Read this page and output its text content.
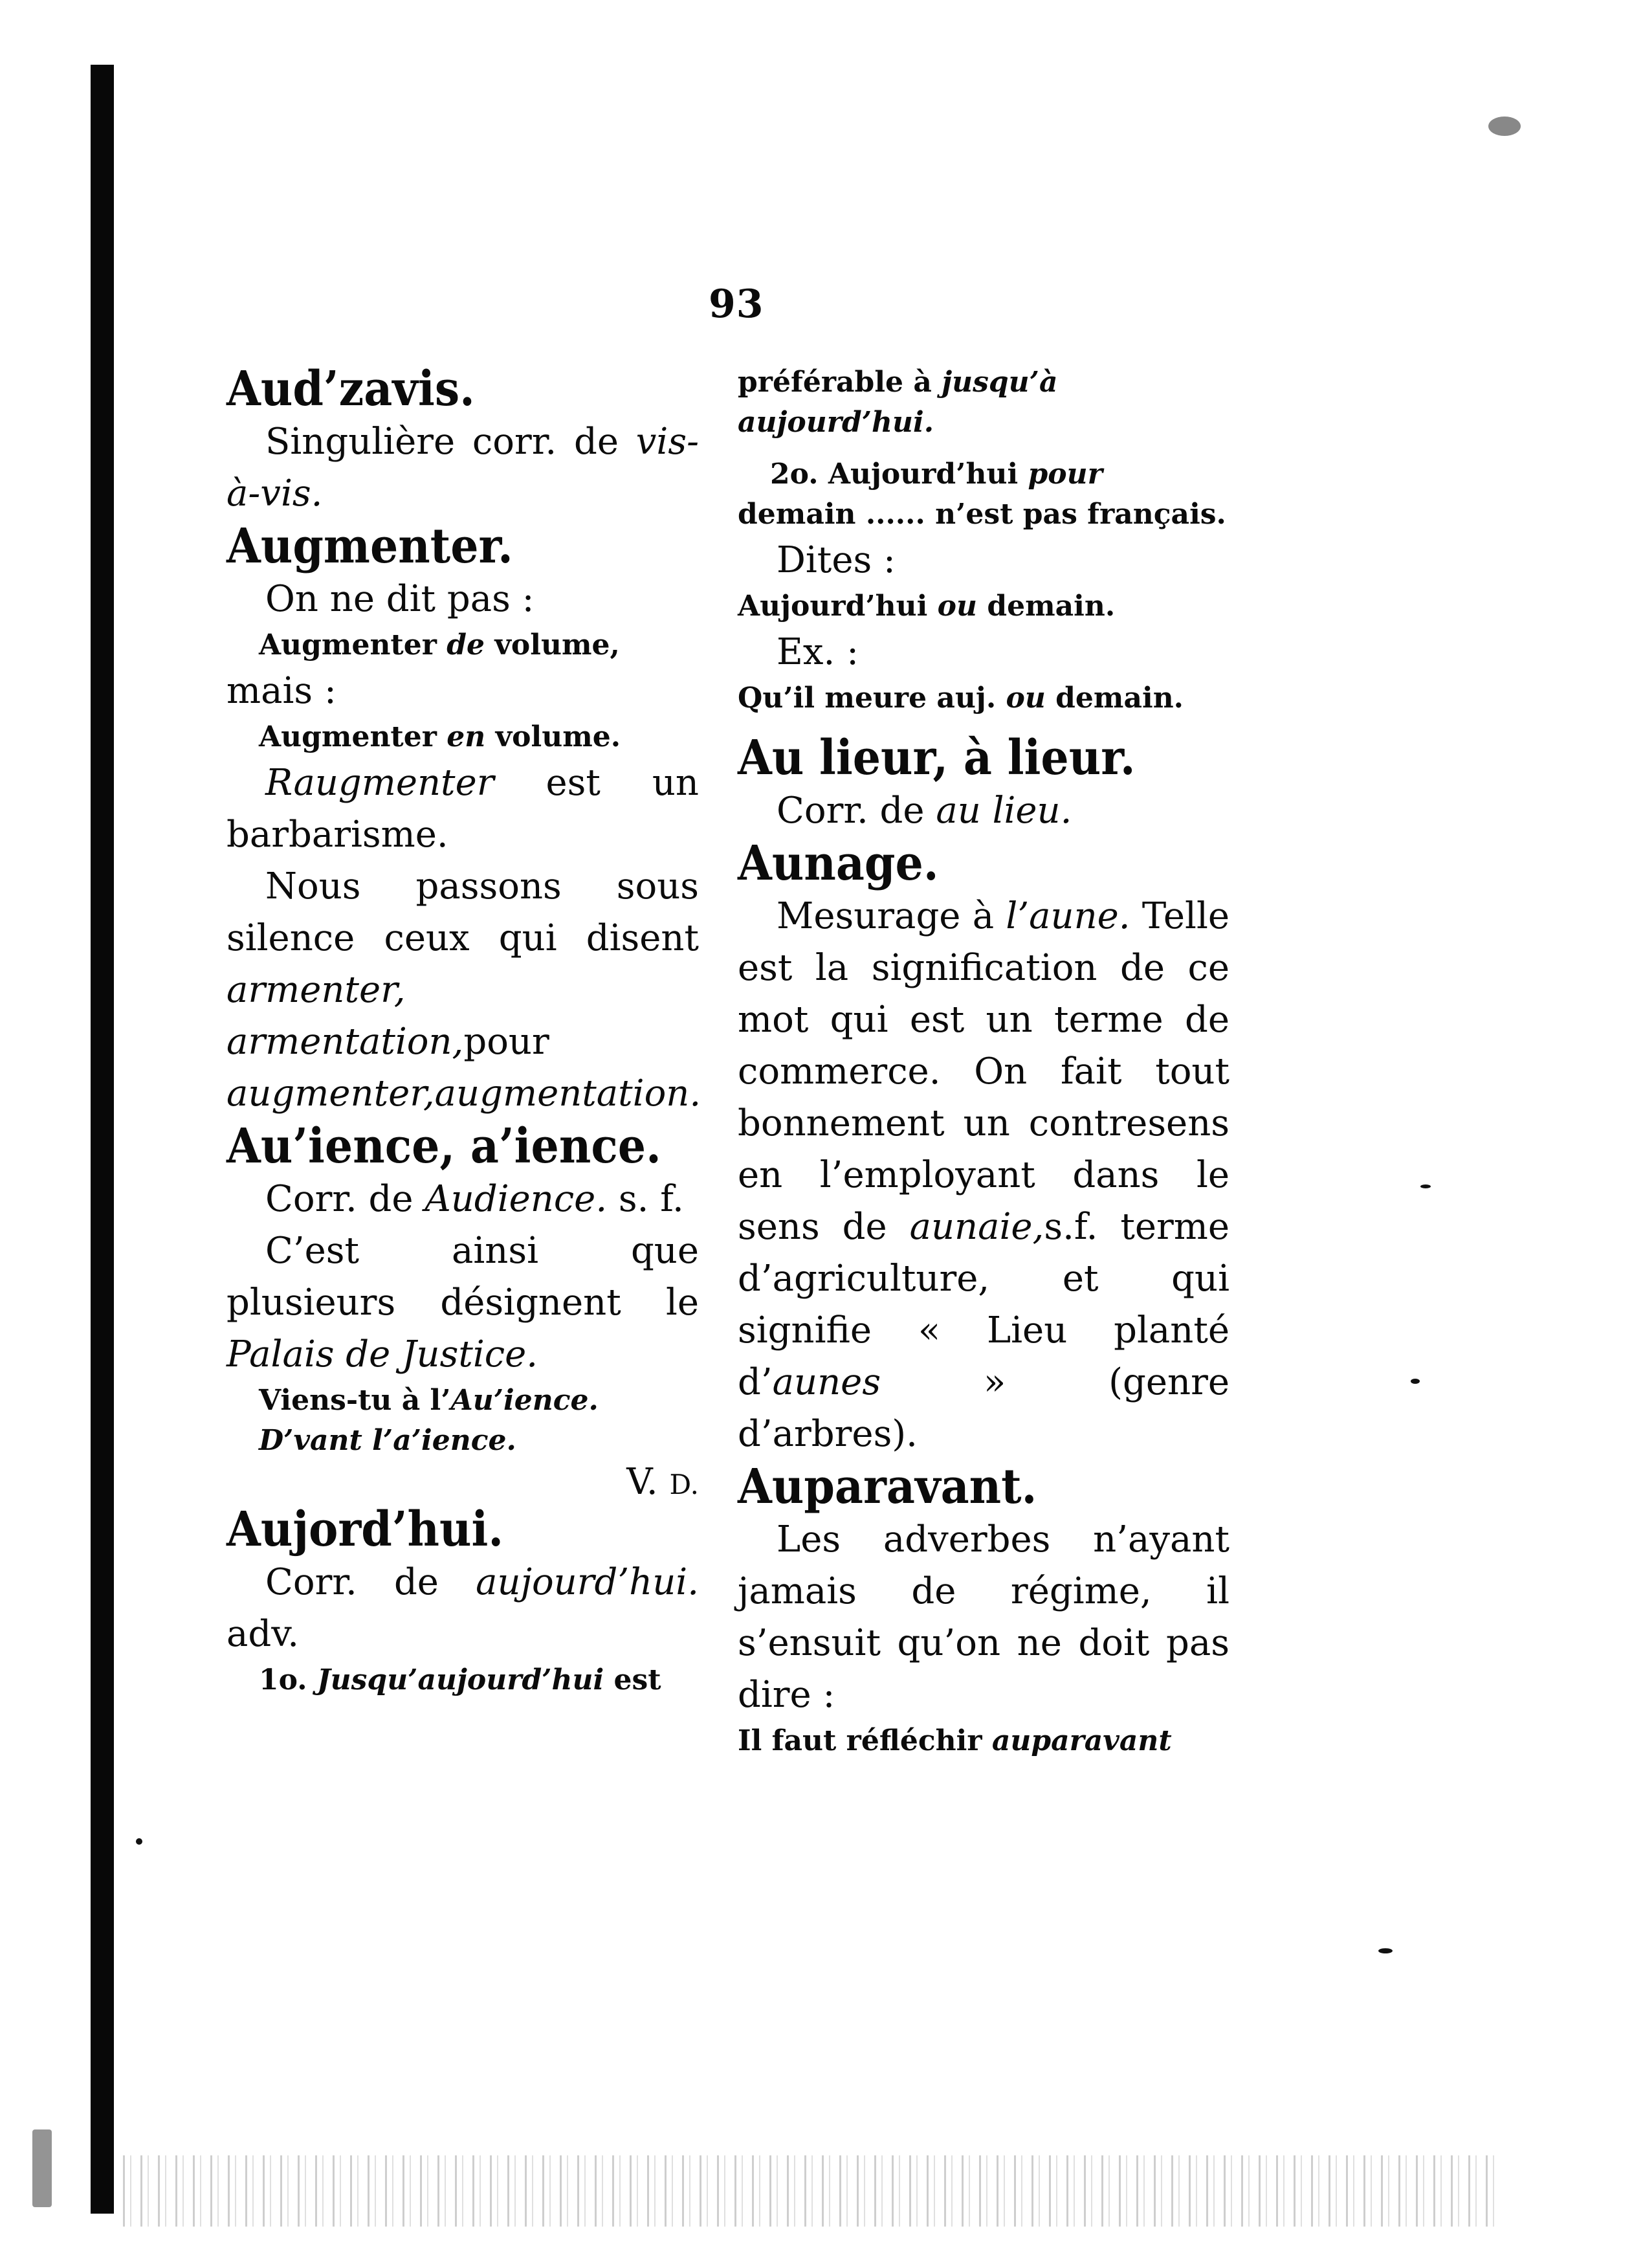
93

Aud’zavis.

Singulière corr. de vis-à-vis.

Augmenter.

On ne dit pas :

Augmenter de volume,

mais :

Augmenter en volume.

Raugmenter est un barbarisme.

Nous passons sous silence ceux qui disent armenter, armentation,pour augmenter,augmentation.

Au’ience, a’ience.

Corr. de Audience. s. f.

C’est ainsi que plusieurs désignent le Palais de Justice.

Viens-tu à l’Au’ience.

D’vant l’a’ience.

V. D.

Aujord’hui.

Corr. de aujourd’hui. adv.

1o. Jusqu’aujourd’hui est

préférable à jusqu’à aujourd’hui.

2o. Aujourd’hui pour demain ...... n’est pas français.

Dites :

Aujourd’hui ou demain.

Ex. :

Qu’il meure auj. ou demain.

Au lieur, à lieur.

Corr. de au lieu.

Aunage.

Mesurage à l’aune. Telle est la signification de ce mot qui est un terme de commerce. On fait tout bonnement un contresens en l’employant dans le sens de aunaie,s.f. terme d’agriculture, et qui signifie « Lieu planté d’aunes » (genre d’arbres).

Auparavant.

Les adverbes n’ayant jamais de régime, il s’ensuit qu’on ne doit pas dire :

Il faut réfléchir auparavant
